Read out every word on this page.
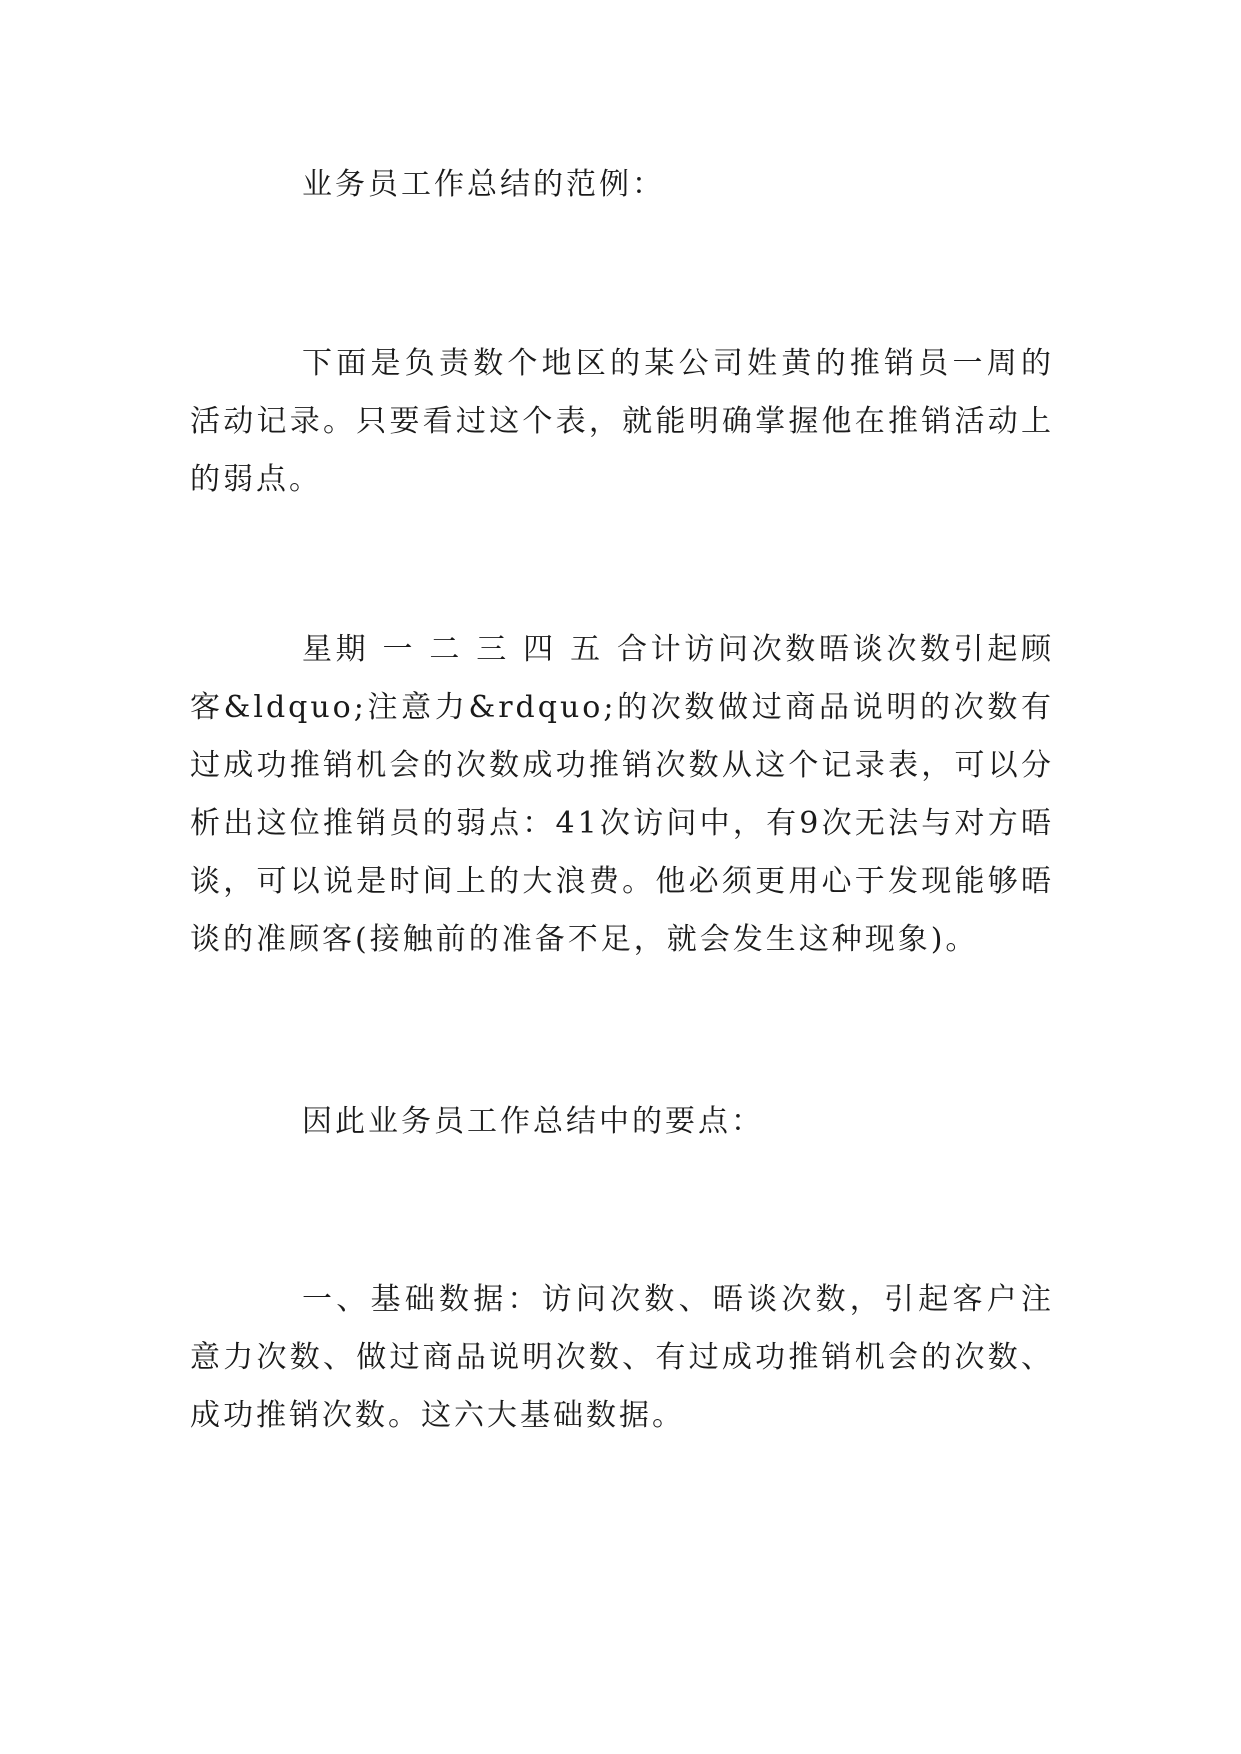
业务员工作总结的范例：

下面是负责数个地区的某公司姓黄的推销员一周的活动记录。只要看过这个表，就能明确掌握他在推销活动上的弱点。

星期 一 二 三 四 五 合计访问次数晤谈次数引起顾客&ldquo;注意力&rdquo;的次数做过商品说明的次数有过成功推销机会的次数成功推销次数从这个记录表，可以分析出这位推销员的弱点：41次访问中，有9次无法与对方晤谈，可以说是时间上的大浪费。他必须更用心于发现能够晤谈的准顾客(接触前的准备不足，就会发生这种现象)。

因此业务员工作总结中的要点：

一、基础数据：访问次数、晤谈次数，引起客户注意力次数、做过商品说明次数、有过成功推销机会的次数、成功推销次数。这六大基础数据。
